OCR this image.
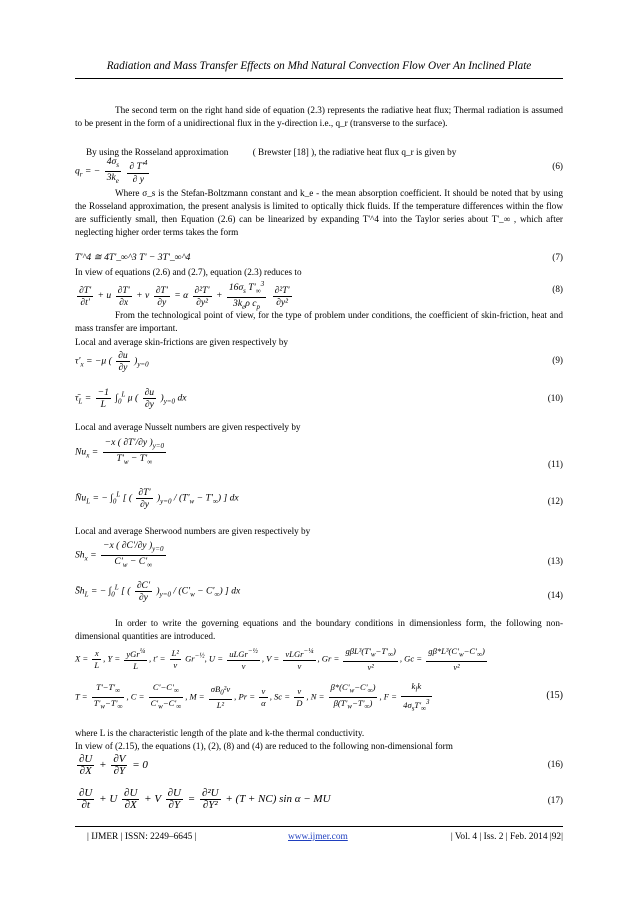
Radiation and Mass Transfer Effects on Mhd Natural Convection Flow Over An Inclined Plate
The second term on the right hand side of equation (2.3) represents the radiative heat flux; Thermal radiation is assumed to be present in the form of a unidirectional flux in the y-direction i.e., q_r (transverse to the surface).
By using the Rosseland approximation	( Brewster [18] ), the radiative heat flux q_r is given by
$q_r$ = − $\frac{4\sigma_s}{3k_e}$
$\frac{\partial T'^4}{\partial y}$	(6)
Where σ_s is the Stefan-Boltzmann constant and k_e - the mean absorption coefficient. It should be noted that by using the Rosseland approximation, the present analysis is limited to optically thick fluids. If the temperature differences within the flow are sufficiently small, then Equation (2.6) can be linearized by expanding T'^4 into the Taylor series about T'_∞ , which after neglecting higher order terms takes the form
T'^4 ≅ 4T'_∞^3 T' − 3T'_∞^4	(7)
In view of equations (2.6) and (2.7), equation (2.3) reduces to
$\frac{\partial T'}{\partial t'} + u \frac{\partial T'}{\partial x} + v \frac{\partial T'}{\partial y} = \alpha \frac{\text{∂²T'}}{\text{∂y²}} + \frac{16\sigma_s T'_\infty^3}{3k_e\rho c_p}$
$\frac{\text{∂²T'}}{\text{∂y²}}$	(8)
From the technological point of view, for the type of problem under conditions, the coefficient of skin-friction, heat and mass transfer are important.
Local and average skin-frictions are given respectively by
$\tau'_x = -\mu$ ( $\frac{\partial u}{\partial y} )_{y=0}$	(9)
$\taū_L = \frac{-1}{L} \int_0^L$ μ ( $\frac{\partial u}{\partial y} )_{y=0}$ dx	(10)
Local and average Nusselt numbers are given respectively by
$Nu_x = \frac{-x ( \partial T'/\partial y )_{y=0}}{T'_w - T'_\infty}$	(11)
$N̄u_L$ = − $\int_0^L$ [ ( $\frac{\partial T'}{\partial y} )_{y=0} / (T'_w - T'_\infty)$ ] dx	(12)
Local and average Sherwood numbers are given respectively by
$Sh_x = \frac{-x ( \partial C'/\partial y )_{y=0}}{C'_w - C'_\infty}$	(13)
$S̄h_L$ = − $\int_0^L$ [ ( $\frac{\partial C'}{\partial y} )_{y=0} / (C'_w - C'_\infty)$ ] dx	(14)
In order to write the governing equations and the boundary conditions in dimensionless form, the following non-dimensional quantities are introduced.
$X = \frac{x}{L}$ , $Y = \frac{yGr^{\frac{1}{4}}}{L}$ , $t' = \frac{\text{L²}}{\nu} Gr^{-\frac{1}{2}}$, $U = \frac{uLGr^{-\frac{1}{2}}}{\nu}$ , $V = \frac{vLGr^{-\frac{1}{4}}}{\nu}$ , $Gr = \frac{g\beta L^3(T'_w-T'_\infty)}{\text{ν²}}$ , $Gc = \frac{g\beta*L^3(C'_w-C'_\infty)}{\text{ν²}}$
$T = \frac{T'-T'_\infty}{T'_w-T'_\infty}$ , $C = \frac{C'-C'_\infty}{C'_w-C'_\infty}$ , $M = \frac{\sigma B_0^2\nu}{\text{L²}}$ , $Pr = \frac{\nu}{\alpha}$ , $Sc = \frac{\nu}{D}$ , $N = \frac{\beta*(C'_w-C'_\infty)}{\beta(T'_w-T'_\infty)}$ , $F = \frac{k_lk}{4\sigma_sT'_\infty^3}$	(15)
where L is the characteristic length of the plate and k-the thermal conductivity.
In view of (2.15), the equations (1), (2), (8) and (4) are reduced to the following non-dimensional form
$\frac{\partial U}{\partial X} + \frac{\partial V}{\partial Y} = 0$	(16)
$\frac{\partial U}{\partial t} + U \frac{\partial U}{\partial X} + V \frac{\partial U}{\partial Y} = \frac{\text{∂²U}}{\text{∂Y²}} + (T + NC)$ sin α − MU	(17)
| IJMER | ISSN: 2249–6645 |	www.ijmer.com	| Vol. 4 | Iss. 2 | Feb. 2014 |92|
